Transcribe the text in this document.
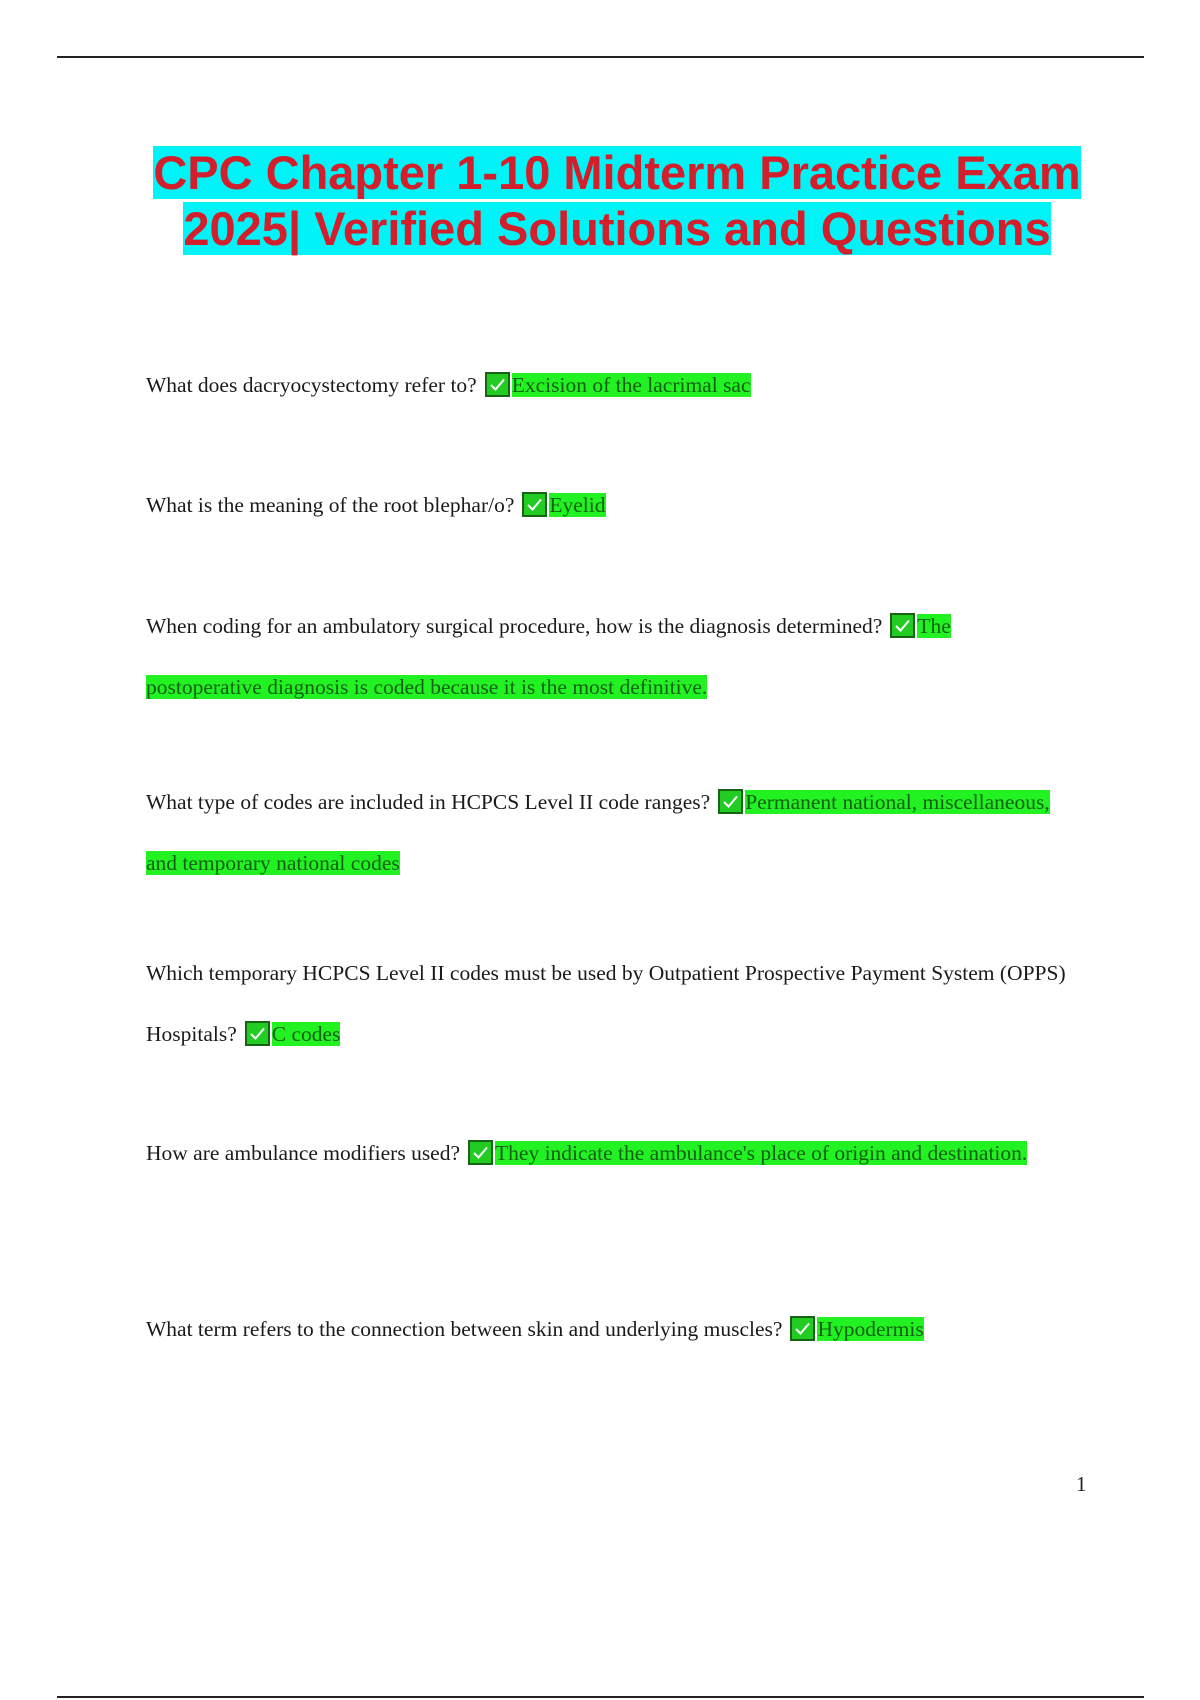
CPC Chapter 1-10 Midterm Practice Exam 2025| Verified Solutions and Questions
What does dacryocystectomy refer to? Excision of the lacrimal sac
What is the meaning of the root blephar/o? Eyelid
When coding for an ambulatory surgical procedure, how is the diagnosis determined? The postoperative diagnosis is coded because it is the most definitive.
What type of codes are included in HCPCS Level II code ranges? Permanent national, miscellaneous, and temporary national codes
Which temporary HCPCS Level II codes must be used by Outpatient Prospective Payment System (OPPS) Hospitals? C codes
How are ambulance modifiers used? They indicate the ambulance's place of origin and destination.
What term refers to the connection between skin and underlying muscles? Hypodermis
1
